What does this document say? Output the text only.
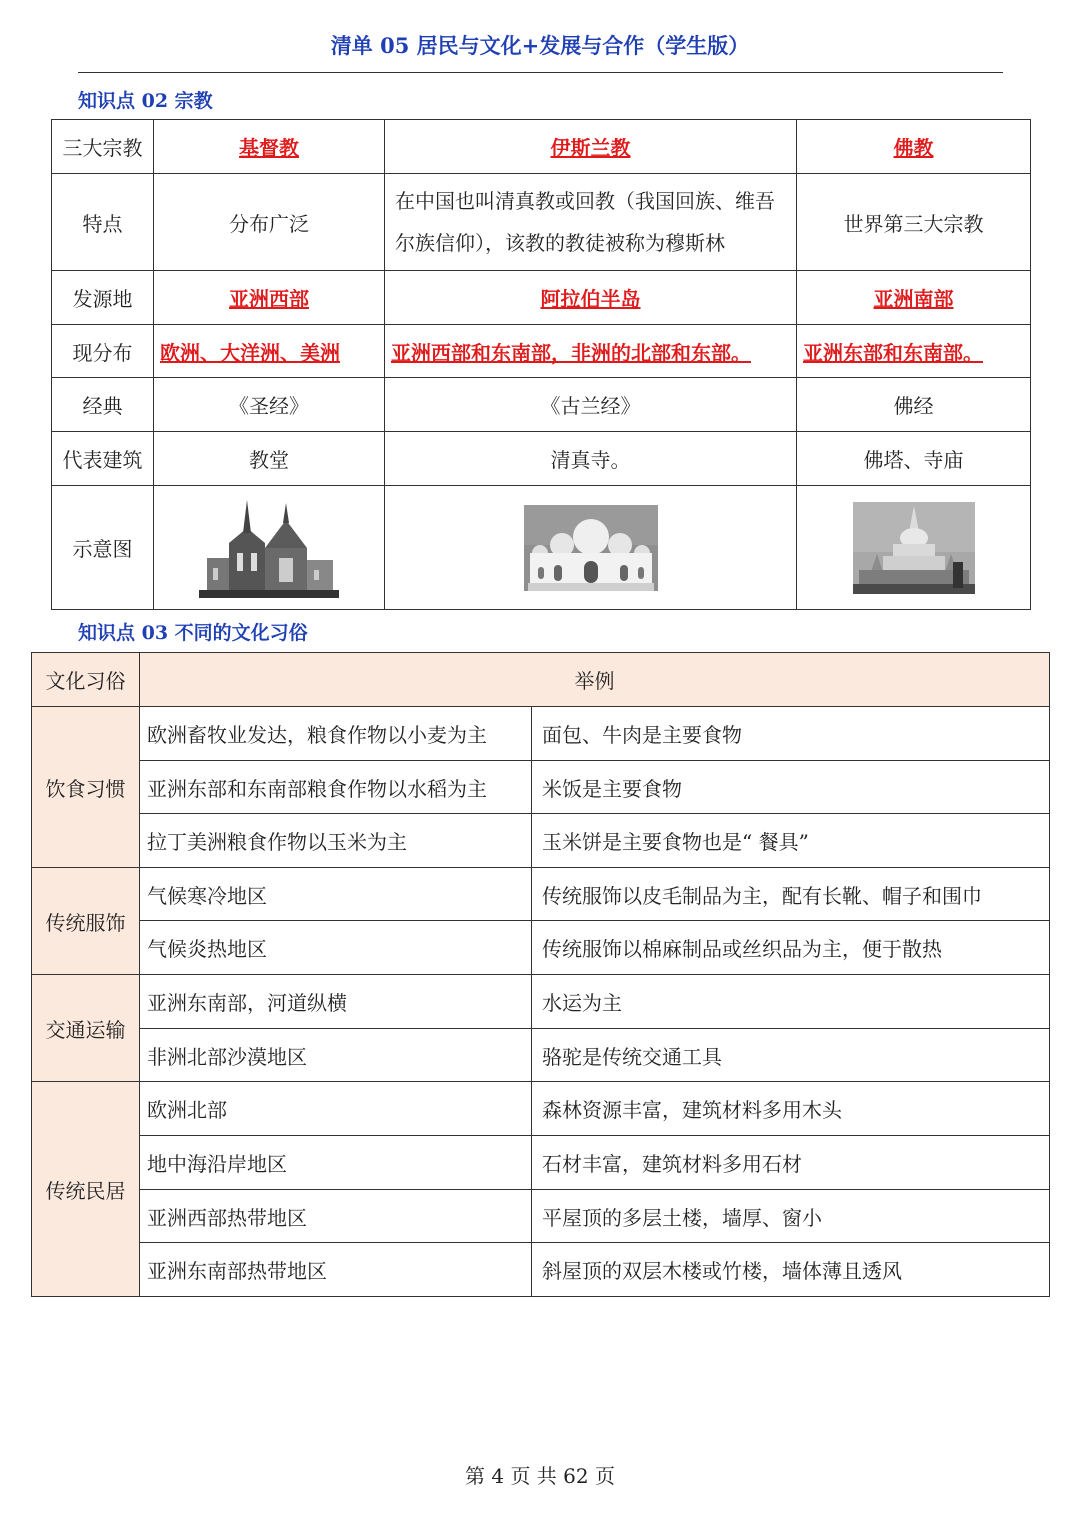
清单 05 居民与文化+发展与合作（学生版）
知识点 02 宗教
三大宗教	基督教	伊斯兰教	佛教
特点	分布广泛	在中国也叫清真教或回教（我国回族、维吾尔族信仰），该教的教徒被称为穆斯林	世界第三大宗教
发源地	亚洲西部	阿拉伯半岛	亚洲南部
现分布	欧洲、大洋洲、美洲	亚洲西部和东南部，非洲的北部和东部。	亚洲东部和东南部。
经典	《圣经》	《古兰经》	佛经
代表建筑	教堂	清真寺。	佛塔、寺庙
示意图	

知识点 03 不同的文化习俗
文化习俗	举例	
饮食习惯	欧洲畜牧业发达，粮食作物以小麦为主	面包、牛肉是主要食物
	亚洲东部和东南部粮食作物以水稻为主	米饭是主要食物
	拉丁美洲粮食作物以玉米为主	玉米饼是主要食物也是“ 餐具”
传统服饰	气候寒冷地区	传统服饰以皮毛制品为主，配有长靴、帽子和围巾
	气候炎热地区	传统服饰以棉麻制品或丝织品为主，便于散热
交通运输	亚洲东南部，河道纵横	水运为主
	非洲北部沙漠地区	骆驼是传统交通工具
传统民居	欧洲北部	森林资源丰富，建筑材料多用木头
	地中海沿岸地区	石材丰富，建筑材料多用石材
	亚洲西部热带地区	平屋顶的多层土楼，墙厚、窗小
	亚洲东南部热带地区	斜屋顶的双层木楼或竹楼，墙体薄且透风
第 4 页 共 62 页
